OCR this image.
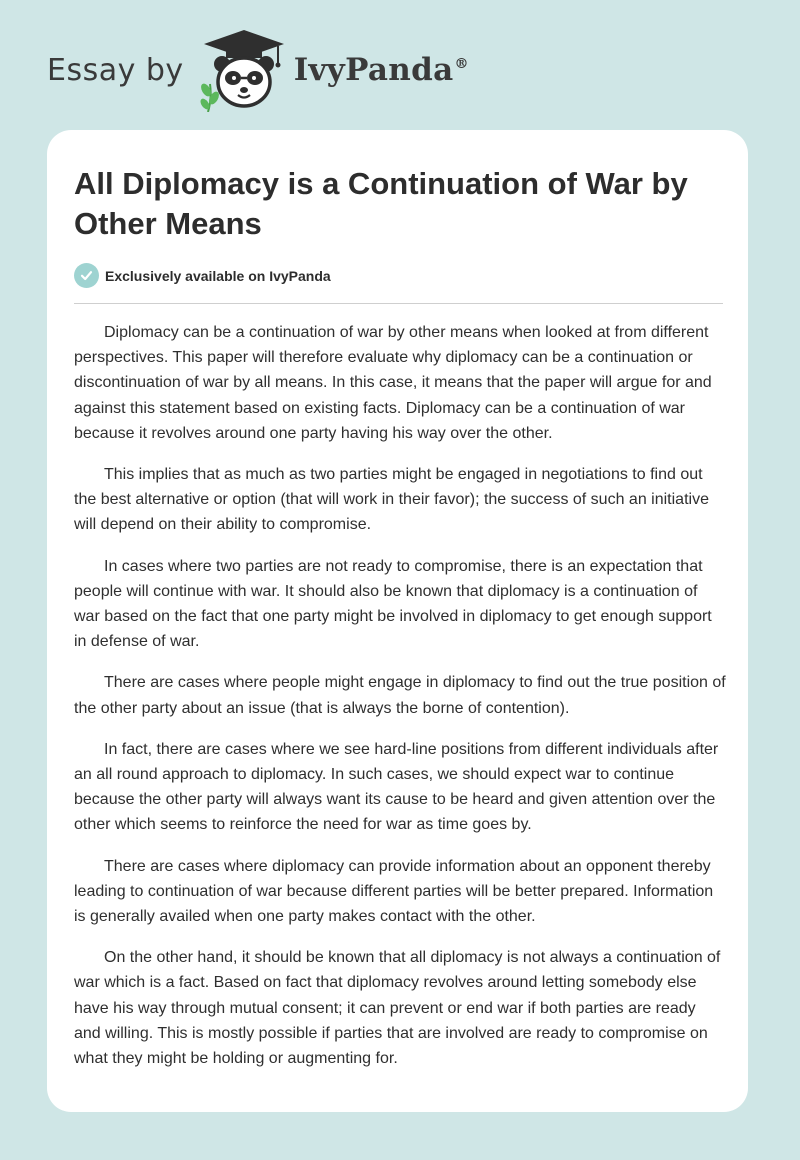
Essay by	IvyPanda®
All Diplomacy is a Continuation of War by Other Means
Exclusively available on IvyPanda

Diplomacy can be a continuation of war by other means when looked at from different perspectives. This paper will therefore evaluate why diplomacy can be a continuation or discontinuation of war by all means. In this case, it means that the paper will argue for and against this statement based on existing facts. Diplomacy can be a continuation of war because it revolves around one party having his way over the other.

This implies that as much as two parties might be engaged in negotiations to find out the best alternative or option (that will work in their favor); the success of such an initiative will depend on their ability to compromise.

In cases where two parties are not ready to compromise, there is an expectation that people will continue with war. It should also be known that diplomacy is a continuation of war based on the fact that one party might be involved in diplomacy to get enough support in defense of war.

There are cases where people might engage in diplomacy to find out the true position of the other party about an issue (that is always the borne of contention).

In fact, there are cases where we see hard-line positions from different individuals after an all round approach to diplomacy. In such cases, we should expect war to continue because the other party will always want its cause to be heard and given attention over the other which seems to reinforce the need for war as time goes by.

There are cases where diplomacy can provide information about an opponent thereby leading to continuation of war because different parties will be better prepared. Information is generally availed when one party makes contact with the other.

On the other hand, it should be known that all diplomacy is not always a continuation of war which is a fact. Based on fact that diplomacy revolves around letting somebody else have his way through mutual consent; it can prevent or end war if both parties are ready and willing. This is mostly possible if parties that are involved are ready to compromise on what they might be holding or augmenting for.
